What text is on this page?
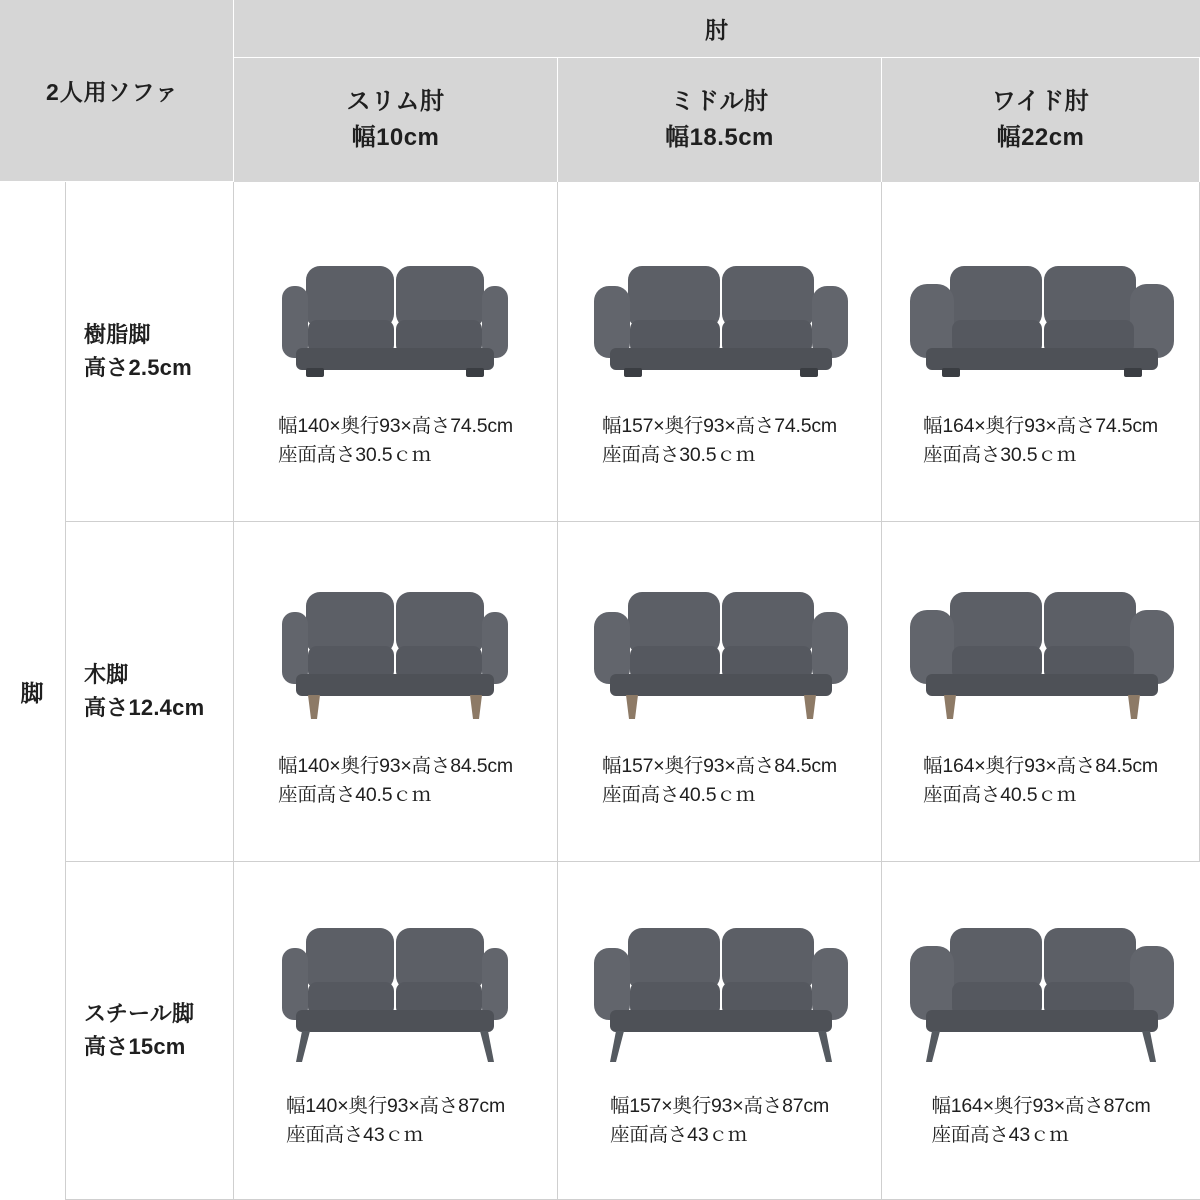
2人用ソファ
肘
スリム肘
幅10cm
ミドル肘
幅18.5cm
ワイド肘
幅22cm
脚
樹脂脚
高さ2.5cm
幅140×奥行93×高さ74.5cm
座面高さ30.5ｃｍ
幅157×奥行93×高さ74.5cm
座面高さ30.5ｃｍ
幅164×奥行93×高さ74.5cm
座面高さ30.5ｃｍ
木脚
高さ12.4cm
幅140×奥行93×高さ84.5cm
座面高さ40.5ｃｍ
幅157×奥行93×高さ84.5cm
座面高さ40.5ｃｍ
幅164×奥行93×高さ84.5cm
座面高さ40.5ｃｍ
スチール脚
高さ15cm
幅140×奥行93×高さ87cm
座面高さ43ｃｍ
幅157×奥行93×高さ87cm
座面高さ43ｃｍ
幅164×奥行93×高さ87cm
座面高さ43ｃｍ
